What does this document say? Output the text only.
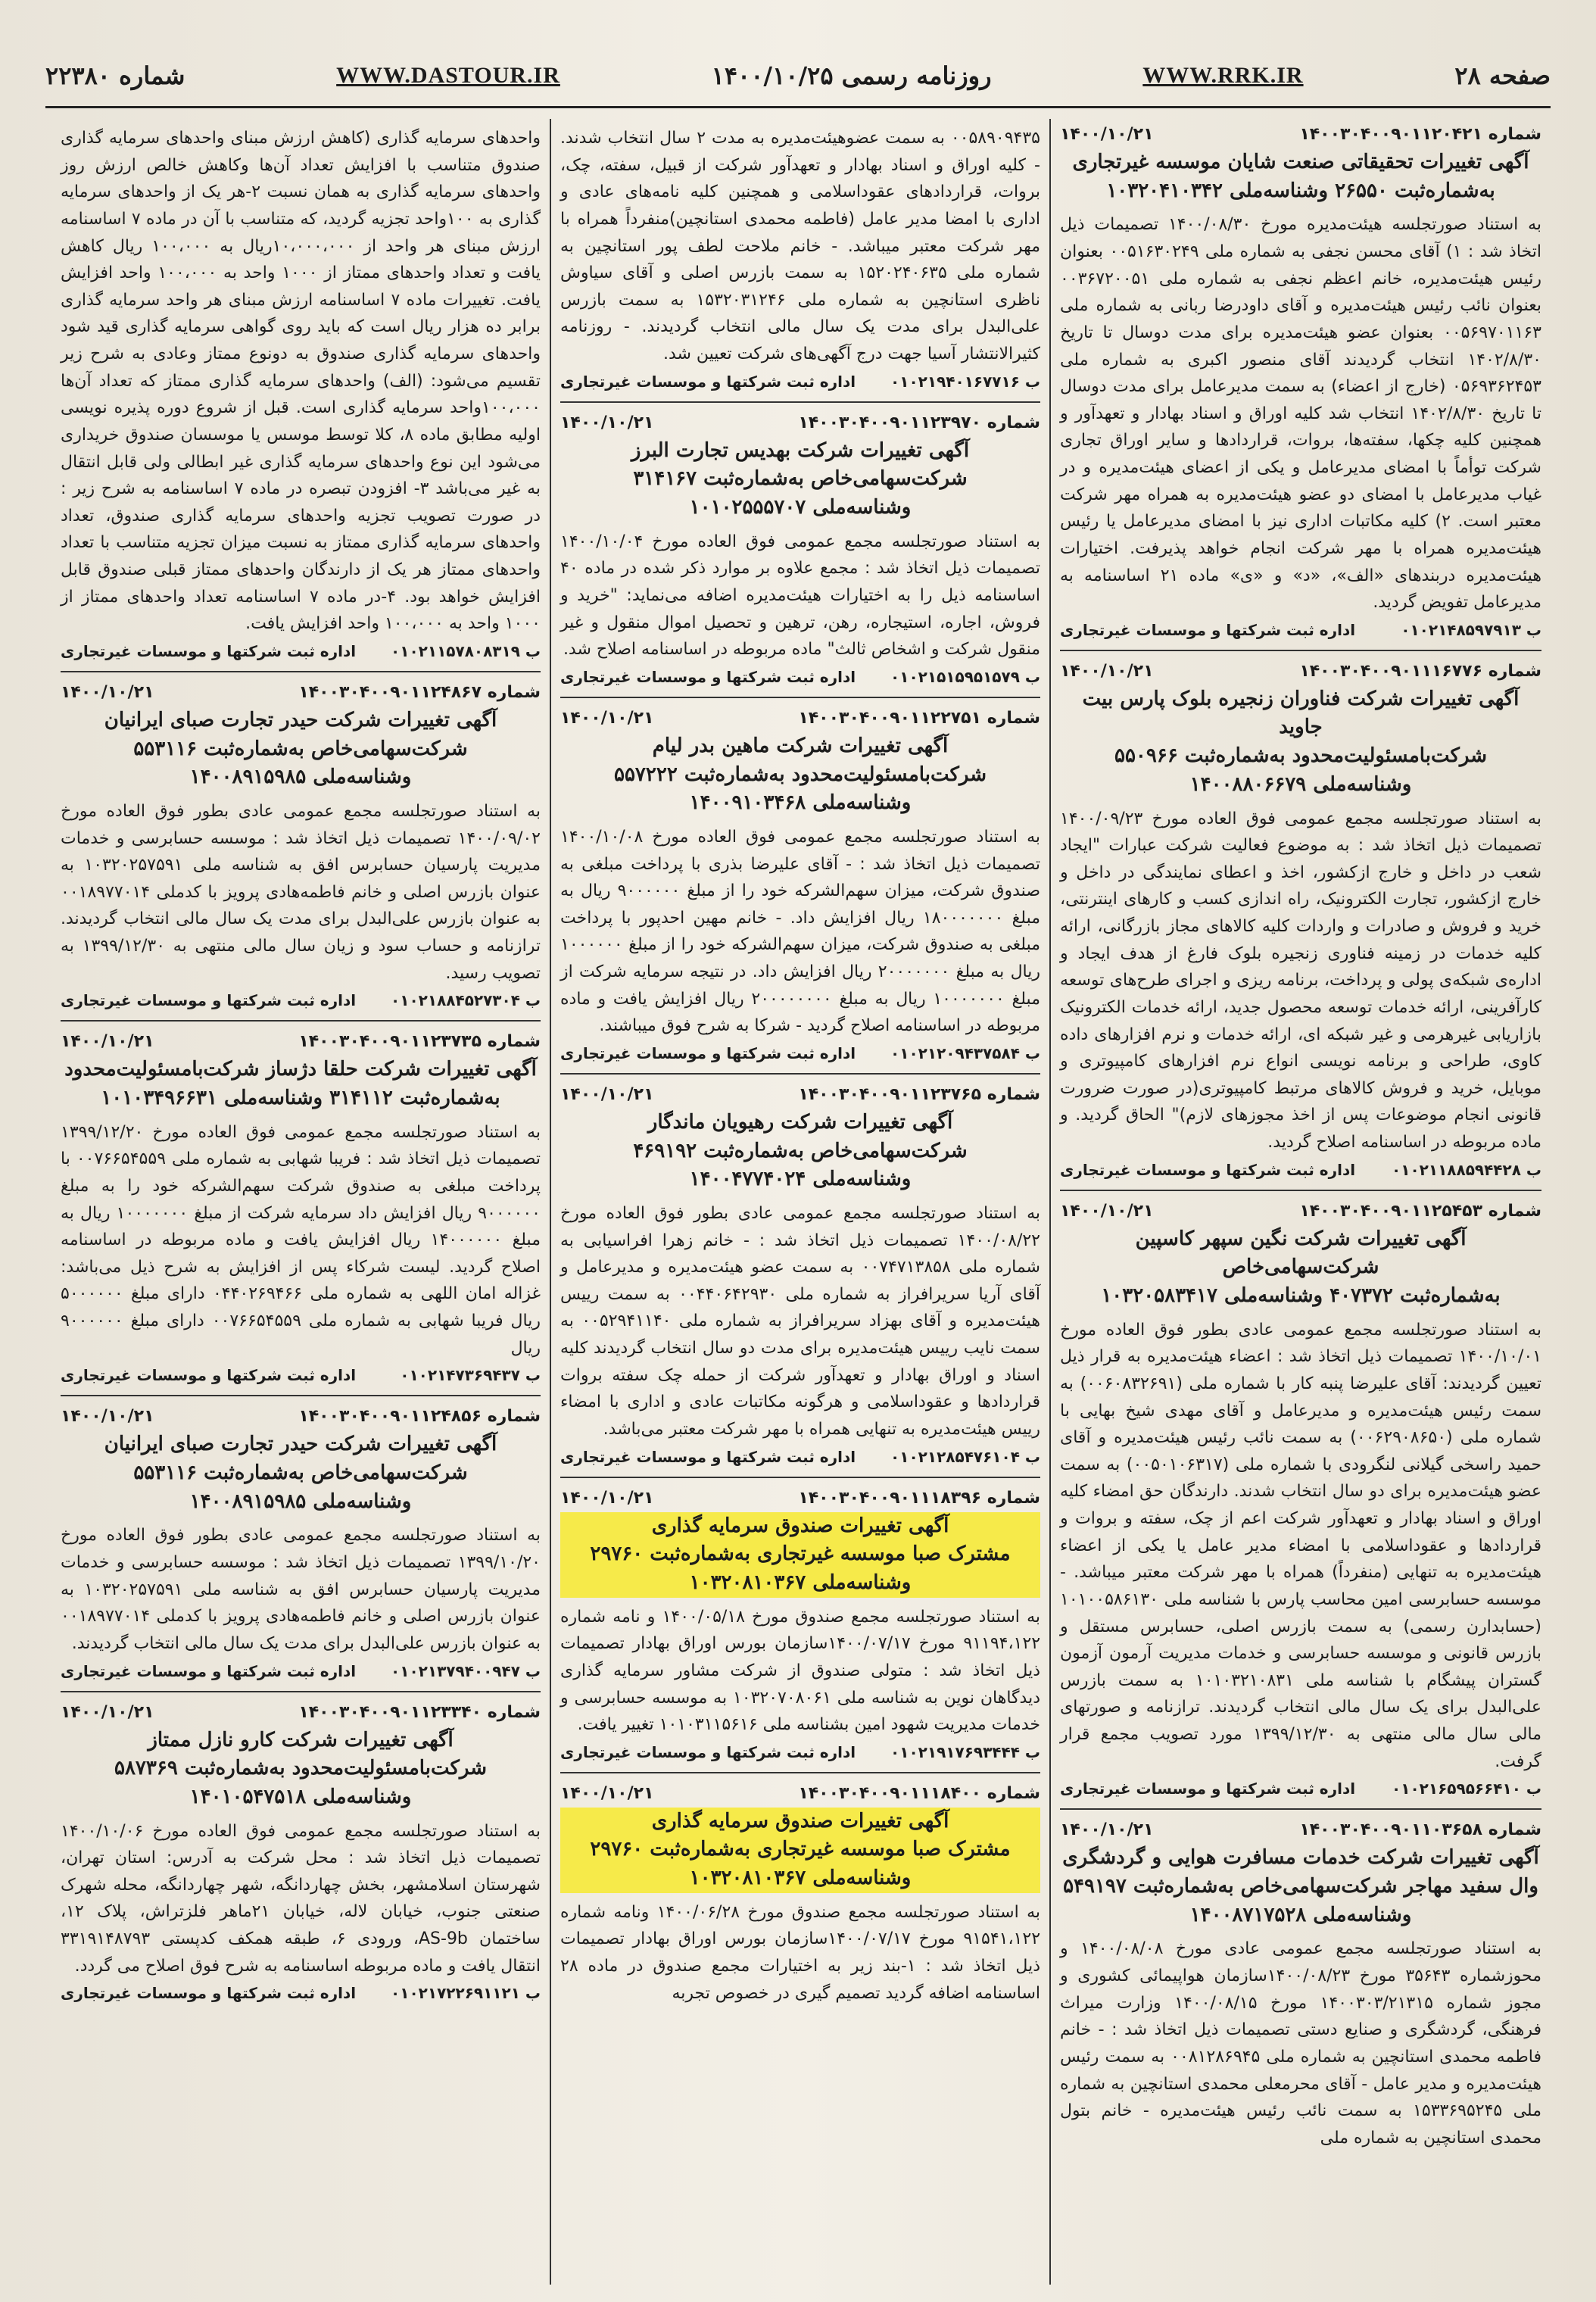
صفحه ۲۸
WWW.RRK.IR
روزنامه رسمی ۱۴۰۰/۱۰/۲۵
WWW.DASTOUR.IR
شماره ۲۲۳۸۰
شماره ۱۴۰۰۳۰۴۰۰۹۰۱۱۲۰۴۲۱
۱۴۰۰/۱۰/۲۱
آگهی تغییرات تحقیقاتی صنعت شایان موسسه غیرتجاری
به‌شماره‌ثبت ۲۶۵۵۰ وشناسه‌ملی ۱۰۳۲۰۴۱۰۳۴۲
به استناد صورتجلسه هیئت‌مدیره مورخ ۱۴۰۰/۰۸/۳۰ تصمیمات ذیل اتخاذ شد : ۱) آقای محسن نجفی به شماره ملی ۰۰۵۱۶۳۰۲۴۹ بعنوان رئیس هیئت‌مدیره، خانم اعظم نجفی به شماره ملی ۰۰۳۶۷۲۰۰۵۱ بعنوان نائب رئیس هیئت‌مدیره و آقای داودرضا ربانی به شماره ملی ۰۰۵۶۹۷۰۱۱۶۳ بعنوان عضو هیئت‌مدیره برای مدت دوسال تا تاریخ ۱۴۰۲/۸/۳۰ انتخاب گردیدند آقای منصور اکبری به شماره ملی ۰۵۶۹۳۶۲۴۵۳ (خارج از اعضاء) به سمت مدیرعامل برای مدت دوسال تا تاریخ ۱۴۰۲/۸/۳۰ انتخاب شد کلیه اوراق و اسناد بهادار و تعهدآور و همچنین کلیه چکها، سفته‌ها، بروات، قراردادها و سایر اوراق تجاری شرکت توأماً با امضای مدیرعامل و یکی از اعضای هیئت‌مدیره و در غیاب مدیرعامل با امضای دو عضو هیئت‌مدیره به همراه مهر شرکت معتبر است. ۲) کلیه مکاتبات اداری نیز با امضای مدیرعامل یا رئیس هیئت‌مدیره همراه با مهر شرکت انجام خواهد پذیرفت. اختیارات هیئت‌مدیره دربندهای «الف»، «د» و «ی» ماده ۲۱ اساسنامه به مدیرعامل تفویض گردید.
ب ۰۱۰۲۱۴۸۵۹۷۹۱۳
اداره ثبت شرکتها و موسسات غیرتجاری
شماره ۱۴۰۰۳۰۴۰۰۹۰۱۱۱۶۷۷۶
۱۴۰۰/۱۰/۲۱
آگهی تغییرات شرکت فناوران زنجیره بلوک پارس بیت جاوید
شرکت‌بامسئولیت‌محدود به‌شماره‌ثبت ۵۵۰۹۶۶
وشناسه‌ملی ۱۴۰۰۸۸۰۶۶۷۹
به استناد صورتجلسه مجمع عمومی فوق العاده مورخ ۱۴۰۰/۰۹/۲۳ تصمیمات ذیل اتخاذ شد : به موضوع فعالیت شرکت عبارات "ایجاد شعب در داخل و خارج ازکشور، اخذ و اعطای نمایندگی در داخل و خارج ازکشور، تجارت الکترونیک، راه اندازی کسب و کارهای اینترنتی، خرید و فروش و صادرات و واردات کلیه کالاهای مجاز بازرگانی، ارائه کلیه خدمات در زمینه فناوری زنجیره بلوک فارغ از هدف ایجاد و اداره‌ی شبکه‌ی پولی و پرداخت، برنامه ریزی و اجرای طرح‌های توسعه کارآفرینی، ارائه خدمات توسعه محصول جدید، ارائه خدمات الکترونیک بازاریابی غیرهرمی و غیر شبکه ای، ارائه خدمات و نرم افزارهای داده کاوی، طراحی و برنامه نویسی انواع نرم افزارهای کامپیوتری و موبایل، خرید و فروش کالاهای مرتبط کامپیوتری(در صورت ضرورت قانونی انجام موضوعات پس از اخذ مجوزهای لازم)" الحاق گردید. و ماده مربوطه در اساسنامه اصلاح گردید.
ب ۰۱۰۲۱۱۸۸۵۹۴۴۲۸
اداره ثبت شرکتها و موسسات غیرتجاری
شماره ۱۴۰۰۳۰۴۰۰۹۰۱۱۲۵۴۵۳
۱۴۰۰/۱۰/۲۱
آگهی تغییرات شرکت نگین سپهر کاسپین شرکت‌سهامی‌خاص
به‌شماره‌ثبت ۴۰۷۳۷۲ وشناسه‌ملی ۱۰۳۲۰۵۸۳۴۱۷
به استناد صورتجلسه مجمع عمومی عادی بطور فوق العاده مورخ ۱۴۰۰/۱۰/۰۱ تصمیمات ذیل اتخاذ شد : اعضاء هیئت‌مدیره به قرار ذیل تعیین گردیدند: آقای علیرضا پنبه کار با شماره ملی (۰۰۶۰۸۳۲۶۹۱) به سمت رئیس هیئت‌مدیره و مدیرعامل و آقای مهدی شیخ بهایی با شماره ملی (۰۰۶۲۹۰۸۶۵۰) به سمت نائب رئیس هیئت‌مدیره و آقای حمید راسخی گیلانی لنگرودی با شماره ملی (۰۰۵۰۱۰۶۳۱۷) به سمت عضو هیئت‌مدیره برای دو سال انتخاب شدند. دارندگان حق امضاء کلیه اوراق و اسناد بهادار و تعهدآور شرکت اعم از چک، سفته و بروات و قراردادها و عقوداسلامی با امضاء مدیر عامل یا یکی از اعضاء هیئت‌مدیره به تنهایی (منفرداً) همراه با مهر شرکت معتبر میباشد. - موسسه حسابرسی امین محاسب پارس با شناسه ملی ۱۰۱۰۰۵۸۶۱۳۰ (حسابدارن رسمی) به سمت بازرس اصلی، حسابرس مستقل و بازرس قانونی و موسسه حسابرسی و خدمات مدیریت آرمون آزمون گستران پیشگام با شناسه ملی ۱۰۱۰۳۲۱۰۸۳۱ به سمت بازرس علی‌البدل برای یک سال مالی انتخاب گردیدند. ترازنامه و صورتهای مالی سال مالی منتهی به ۱۳۹۹/۱۲/۳۰ مورد تصویب مجمع قرار گرفت.
ب ۰۱۰۲۱۶۵۹۵۶۶۴۱۰
اداره ثبت شرکتها و موسسات غیرتجاری
شماره ۱۴۰۰۳۰۴۰۰۹۰۱۱۰۳۶۵۸
۱۴۰۰/۱۰/۲۱
آگهی تغییرات شرکت خدمات مسافرت هوایی و گردشگری
وال سفید مهاجر شرکت‌سهامی‌خاص به‌شماره‌ثبت ۵۴۹۱۹۷
وشناسه‌ملی ۱۴۰۰۸۷۱۷۵۲۸
به استناد صورتجلسه مجمع عمومی عادی مورخ ۱۴۰۰/۰۸/۰۸ و محوزشماره ۳۵۶۴۳ مورخ ۱۴۰۰/۰۸/۲۳سازمان هواپیمائی کشوری و مجوز شماره ۱۴۰۰۳۰۳/۲۱۳۱۵ مورخ ۱۴۰۰/۰۸/۱۵ وزارت میراث فرهنگی، گردشگری و صنایع دستی تصمیمات ذیل اتخاذ شد : - خانم فاطمه محمدی استانچین به شماره ملی ۰۰۸۱۲۸۶۹۴۵ به سمت رئیس هیئت‌مدیره و مدیر عامل - آقای محرمعلی محمدی استانچین به شماره ملی ۱۵۳۳۶۹۵۲۴۵ به سمت نائب رئیس هیئت‌مدیره - خانم بتول محمدی استانچین به شماره ملی
۰۰۵۸۹۰۹۴۳۵ به سمت عضوهیئت‌مدیره به مدت ۲ سال انتخاب شدند. - کلیه اوراق و اسناد بهادار و تعهدآور شرکت از قبیل، سفته، چک، بروات، قراردادهای عقوداسلامی و همچنین کلیه نامه‌های عادی و اداری با امضا مدیر عامل (فاطمه محمدی استانچین)منفرداً همراه با مهر شرکت معتبر میباشد. - خانم ملاحت لطف پور استانچین به شماره ملی ۱۵۲۰۲۴۰۶۳۵ به سمت بازرس اصلی و آقای سیاوش ناظری استانچین به شماره ملی ۱۵۳۲۰۳۱۲۴۶ به سمت بازرس علی‌البدل برای مدت یک سال مالی انتخاب گردیدند. - روزنامه کثیرالانتشار آسیا جهت درج آگهی‌های شرکت تعیین شد.
ب ۰۱۰۲۱۹۴۰۱۶۷۷۱۶
اداره ثبت شرکتها و موسسات غیرتجاری
شماره ۱۴۰۰۳۰۴۰۰۹۰۱۱۲۳۹۷۰
۱۴۰۰/۱۰/۲۱
آگهی تغییرات شرکت بهدیس تجارت البرز
شرکت‌سهامی‌خاص به‌شماره‌ثبت ۳۱۴۱۶۷
وشناسه‌ملی ۱۰۱۰۲۵۵۵۷۰۷
به استناد صورتجلسه مجمع عمومی فوق العاده مورخ ۱۴۰۰/۱۰/۰۴ تصمیمات ذیل اتخاذ شد : مجمع علاوه بر موارد ذکر شده در ماده ۴۰ اساسنامه ذیل را به اختیارات هیئت‌مدیره اضافه می‌نماید: "خرید و فروش، اجاره، استیجاره، رهن، ترهین و تحصیل اموال منقول و غیر منقول شرکت و اشخاص ثالث" ماده مربوطه در اساسنامه اصلاح شد.
ب ۰۱۰۲۱۵۱۵۹۵۱۵۷۹
اداره ثبت شرکتها و موسسات غیرتجاری
شماره ۱۴۰۰۳۰۴۰۰۹۰۱۱۲۲۷۵۱
۱۴۰۰/۱۰/۲۱
آگهی تغییرات شرکت ماهین بدر لیام
شرکت‌بامسئولیت‌محدود به‌شماره‌ثبت ۵۵۷۲۲۲
وشناسه‌ملی ۱۴۰۰۹۱۰۳۴۶۸
به استناد صورتجلسه مجمع عمومی فوق العاده مورخ ۱۴۰۰/۱۰/۰۸ تصمیمات ذیل اتخاذ شد : - آقای علیرضا بذری با پرداخت مبلغی به صندوق شرکت، میزان سهم‌الشرکه خود را از مبلغ ۹۰۰۰۰۰۰ ریال به مبلغ ۱۸۰۰۰۰۰۰۰ ریال افزایش داد. - خانم مهین احدپور با پرداخت مبلغی به صندوق شرکت، میزان سهم‌الشرکه خود را از مبلغ ۱۰۰۰۰۰۰ ریال به مبلغ ۲۰۰۰۰۰۰۰ ریال افزایش داد. در نتیجه سرمایه شرکت از مبلغ ۱۰۰۰۰۰۰۰ ریال به مبلغ ۲۰۰۰۰۰۰۰۰ ریال افزایش یافت و ماده مربوطه در اساسنامه اصلاح گردید - شرکا به شرح فوق میباشند.
ب ۰۱۰۲۱۲۰۹۴۳۷۵۸۴
اداره ثبت شرکتها و موسسات غیرتجاری
شماره ۱۴۰۰۳۰۴۰۰۹۰۱۱۲۳۷۶۵
۱۴۰۰/۱۰/۲۱
آگهی تغییرات شرکت رهیویان ماندگار
شرکت‌سهامی‌خاص به‌شماره‌ثبت ۴۶۹۱۹۲
وشناسه‌ملی ۱۴۰۰۴۷۷۴۰۲۴
به استناد صورتجلسه مجمع عمومی عادی بطور فوق العاده مورخ ۱۴۰۰/۰۸/۲۲ تصمیمات ذیل اتخاذ شد : - خانم زهرا افراسیابی به شماره ملی ۰۰۷۴۷۱۳۸۵۸ به سمت عضو هیئت‌مدیره و مدیرعامل و آقای آریا سریرافراز به شماره ملی ۰۰۴۴۰۶۴۲۹۳۰ به سمت رییس هیئت‌مدیره و آقای بهزاد سریرافراز به شماره ملی ۰۰۵۲۹۴۱۱۴۰ به سمت نایب رییس هیئت‌مدیره برای مدت دو سال انتخاب گردیدند کلیه اسناد و اوراق بهادار و تعهدآور شرکت از حمله چک سفته بروات قراردادها و عقوداسلامی و هرگونه مکاتبات عادی و اداری با امضاء رییس هیئت‌مدیره به تنهایی همراه با مهر شرکت معتبر می‌باشد.
ب ۰۱۰۲۱۲۸۵۴۷۶۱۰۴
اداره ثبت شرکتها و موسسات غیرتجاری
شماره ۱۴۰۰۳۰۴۰۰۹۰۱۱۱۸۳۹۶
۱۴۰۰/۱۰/۲۱
آگهی تغییرات صندوق سرمایه گذاری
مشترک صبا موسسه غیرتجاری به‌شماره‌ثبت ۲۹۷۶۰
وشناسه‌ملی ۱۰۳۲۰۸۱۰۳۶۷
به استناد صورتجلسه مجمع صندوق مورخ ۱۴۰۰/۰۵/۱۸ و نامه شماره ۹۱۱۹۴،۱۲۲ مورخ ۱۴۰۰/۰۷/۱۷سازمان بورس اوراق بهادار تصمیمات ذیل اتخاذ شد : متولی صندوق از شرکت مشاور سرمایه گذاری دیدگاهان نوین به شناسه ملی ۱۰۳۲۰۷۰۸۰۶۱ به موسسه حسابرسی و خدمات مدیریت شهود امین بشناسه ملی ۱۰۱۰۳۱۱۵۶۱۶ تغییر یافت.
ب ۰۱۰۲۱۹۱۷۶۹۳۴۴۴
اداره ثبت شرکتها و موسسات غیرتجاری
شماره ۱۴۰۰۳۰۴۰۰۹۰۱۱۱۸۴۰۰
۱۴۰۰/۱۰/۲۱
آگهی تغییرات صندوق سرمایه گذاری
مشترک صبا موسسه غیرتجاری به‌شماره‌ثبت ۲۹۷۶۰
وشناسه‌ملی ۱۰۳۲۰۸۱۰۳۶۷
به استناد صورتجلسه مجمع صندوق مورخ ۱۴۰۰/۰۶/۲۸ ونامه شماره ۹۱۵۴۱،۱۲۲ مورخ ۱۴۰۰/۰۷/۱۷سازمان بورس اوراق بهادار تصمیمات ذیل اتخاذ شد : ۱-بند زیر به اختیارات مجمع صندوق در ماده ۲۸ اساسنامه اضافه گردید تصمیم گیری در خصوص تجربه
واحدهای سرمایه گذاری (کاهش ارزش مبنای واحدهای سرمایه گذاری صندوق متناسب با افزایش تعداد آن‌ها وکاهش خالص ارزش روز واحدهای سرمایه گذاری به همان نسبت ۲-هر یک از واحدهای سرمایه گذاری به ۱۰۰واحد تجزیه گردید، که متناسب با آن در ماده ۷ اساسنامه ارزش مبنای هر واحد از ۱۰،۰۰۰،۰۰۰ریال به ۱۰۰،۰۰۰ ریال کاهش یافت و تعداد واحدهای ممتاز از ۱۰۰۰ واحد به ۱۰۰،۰۰۰ واحد افزایش یافت. تغییرات ماده ۷ اساسنامه ارزش مبنای هر واحد سرمایه گذاری برابر ده هزار ریال است که باید روی گواهی سرمایه گذاری قید شود واحدهای سرمایه گذاری صندوق به دونوع ممتاز وعادی به شرح زیر تقسیم می‌شود: (الف) واحدهای سرمایه گذاری ممتاز که تعداد آن‌ها ۱۰۰،۰۰۰واحد سرمایه گذاری است. قبل از شروع دوره پذیره نویسی اولیه مطابق ماده ۸، کلا توسط موسس یا موسسان صندوق خریداری می‌شود این نوع واحدهای سرمایه گذاری غیر ابطالی ولی قابل انتقال به غیر می‌باشد ۳- افزودن تبصره در ماده ۷ اساسنامه به شرح زیر : در صورت تصویب تجزیه واحدهای سرمایه گذاری صندوق، تعداد واحدهای سرمایه گذاری ممتاز به نسبت میزان تجزیه متناسب با تعداد واحدهای ممتاز هر یک از دارندگان واحدهای ممتاز قبلی صندوق قابل افزایش خواهد بود. ۴-در ماده ۷ اساسنامه تعداد واحدهای ممتاز از ۱۰۰۰ واحد به ۱۰۰،۰۰۰ واحد افزایش یافت.
ب ۰۱۰۲۱۱۵۷۸۰۸۳۱۹
اداره ثبت شرکتها و موسسات غیرتجاری
شماره ۱۴۰۰۳۰۴۰۰۹۰۱۱۲۴۸۶۷
۱۴۰۰/۱۰/۲۱
آگهی تغییرات شرکت حیدر تجارت صبای ایرانیان
شرکت‌سهامی‌خاص به‌شماره‌ثبت ۵۵۳۱۱۶
وشناسه‌ملی ۱۴۰۰۸۹۱۵۹۸۵
به استناد صورتجلسه مجمع عمومی عادی بطور فوق العاده مورخ ۱۴۰۰/۰۹/۰۲ تصمیمات ذیل اتخاذ شد : موسسه حسابرسی و خدمات مدیریت پارسیان حسابرس افق به شناسه ملی ۱۰۳۲۰۲۵۷۵۹۱ به عنوان بازرس اصلی و خانم فاطمه‌هادی پرویز با کدملی ۰۰۱۸۹۷۷۰۱۴ به عنوان بازرس علی‌البدل برای مدت یک سال مالی انتخاب گردیدند. ترازنامه و حساب سود و زیان سال مالی منتهی به ۱۳۹۹/۱۲/۳۰ به تصویب رسید.
ب ۰۱۰۲۱۸۸۴۵۲۷۳۰۴
اداره ثبت شرکتها و موسسات غیرتجاری
شماره ۱۴۰۰۳۰۴۰۰۹۰۱۱۲۳۷۳۵
۱۴۰۰/۱۰/۲۱
آگهی تغییرات شرکت حلقا دژساز شرکت‌بامسئولیت‌محدود
به‌شماره‌ثبت ۳۱۴۱۱۲ وشناسه‌ملی ۱۰۱۰۳۴۹۶۶۳۱
به استناد صورتجلسه مجمع عمومی فوق العاده مورخ ۱۳۹۹/۱۲/۲۰ تصمیمات ذیل اتخاذ شد : فریبا شهابی به شماره ملی ۰۰۷۶۶۵۴۵۵۹ با پرداخت مبلغی به صندوق شرکت سهم‌الشرکه خود را به مبلغ ۹۰۰۰۰۰۰ ریال افزایش داد سرمایه شرکت از مبلغ ۱۰۰۰۰۰۰۰ ریال به مبلغ ۱۴۰۰۰۰۰۰ ریال افزایش یافت و ماده مربوطه در اساسنامه اصلاح گردید. لیست شرکاء پس از افزایش به شرح ذیل می‌باشد: غزاله امان اللهی به شماره ملی ۰۴۴۰۲۶۹۴۶۶ دارای مبلغ ۵۰۰۰۰۰۰ ریال فریبا شهابی به شماره ملی ۰۰۷۶۶۵۴۵۵۹ دارای مبلغ ۹۰۰۰۰۰۰ ریال
ب ۰۱۰۲۱۴۷۳۶۹۴۳۷
اداره ثبت شرکتها و موسسات غیرتجاری
شماره ۱۴۰۰۳۰۴۰۰۹۰۱۱۲۴۸۵۶
۱۴۰۰/۱۰/۲۱
آگهی تغییرات شرکت حیدر تجارت صبای ایرانیان
شرکت‌سهامی‌خاص به‌شماره‌ثبت ۵۵۳۱۱۶
وشناسه‌ملی ۱۴۰۰۸۹۱۵۹۸۵
به استناد صورتجلسه مجمع عمومی عادی بطور فوق العاده مورخ ۱۳۹۹/۱۰/۲۰ تصمیمات ذیل اتخاذ شد : موسسه حسابرسی و خدمات مدیریت پارسیان حسابرس افق به شناسه ملی ۱۰۳۲۰۲۵۷۵۹۱ به عنوان بازرس اصلی و خانم فاطمه‌هادی پرویز با کدملی ۰۰۱۸۹۷۷۰۱۴ به عنوان بازرس علی‌البدل برای مدت یک سال مالی انتخاب گردیدند.
ب ۰۱۰۲۱۳۷۹۴۰۰۹۴۷
اداره ثبت شرکتها و موسسات غیرتجاری
شماره ۱۴۰۰۳۰۴۰۰۹۰۱۱۲۳۳۴۰
۱۴۰۰/۱۰/۲۱
آگهی تغییرات شرکت کارو نازل ممتاز
شرکت‌بامسئولیت‌محدود به‌شماره‌ثبت ۵۸۷۳۶۹
وشناسه‌ملی ۱۴۰۱۰۵۴۷۵۱۸
به استناد صورتجلسه مجمع عمومی فوق العاده مورخ ۱۴۰۰/۱۰/۰۶ تصمیمات ذیل اتخاذ شد : محل شرکت به آدرس: استان تهران، شهرستان اسلامشهر، بخش چهاردانگه، شهر چهاردانگه، محله شهرک صنعتی جنوب، خیابان لاله، خیابان ۲۱ماهر فلزتراش، پلاک ۱۲، ساختمان AS-9b، ورودی ۶، طبقه همکف کدپستی ۳۳۱۹۱۴۸۷۹۳ انتقال یافت و ماده مربوطه اساسنامه به شرح فوق اصلاح می گردد.
ب ۰۱۰۲۱۷۲۲۶۹۱۱۲۱
اداره ثبت شرکتها و موسسات غیرتجاری
